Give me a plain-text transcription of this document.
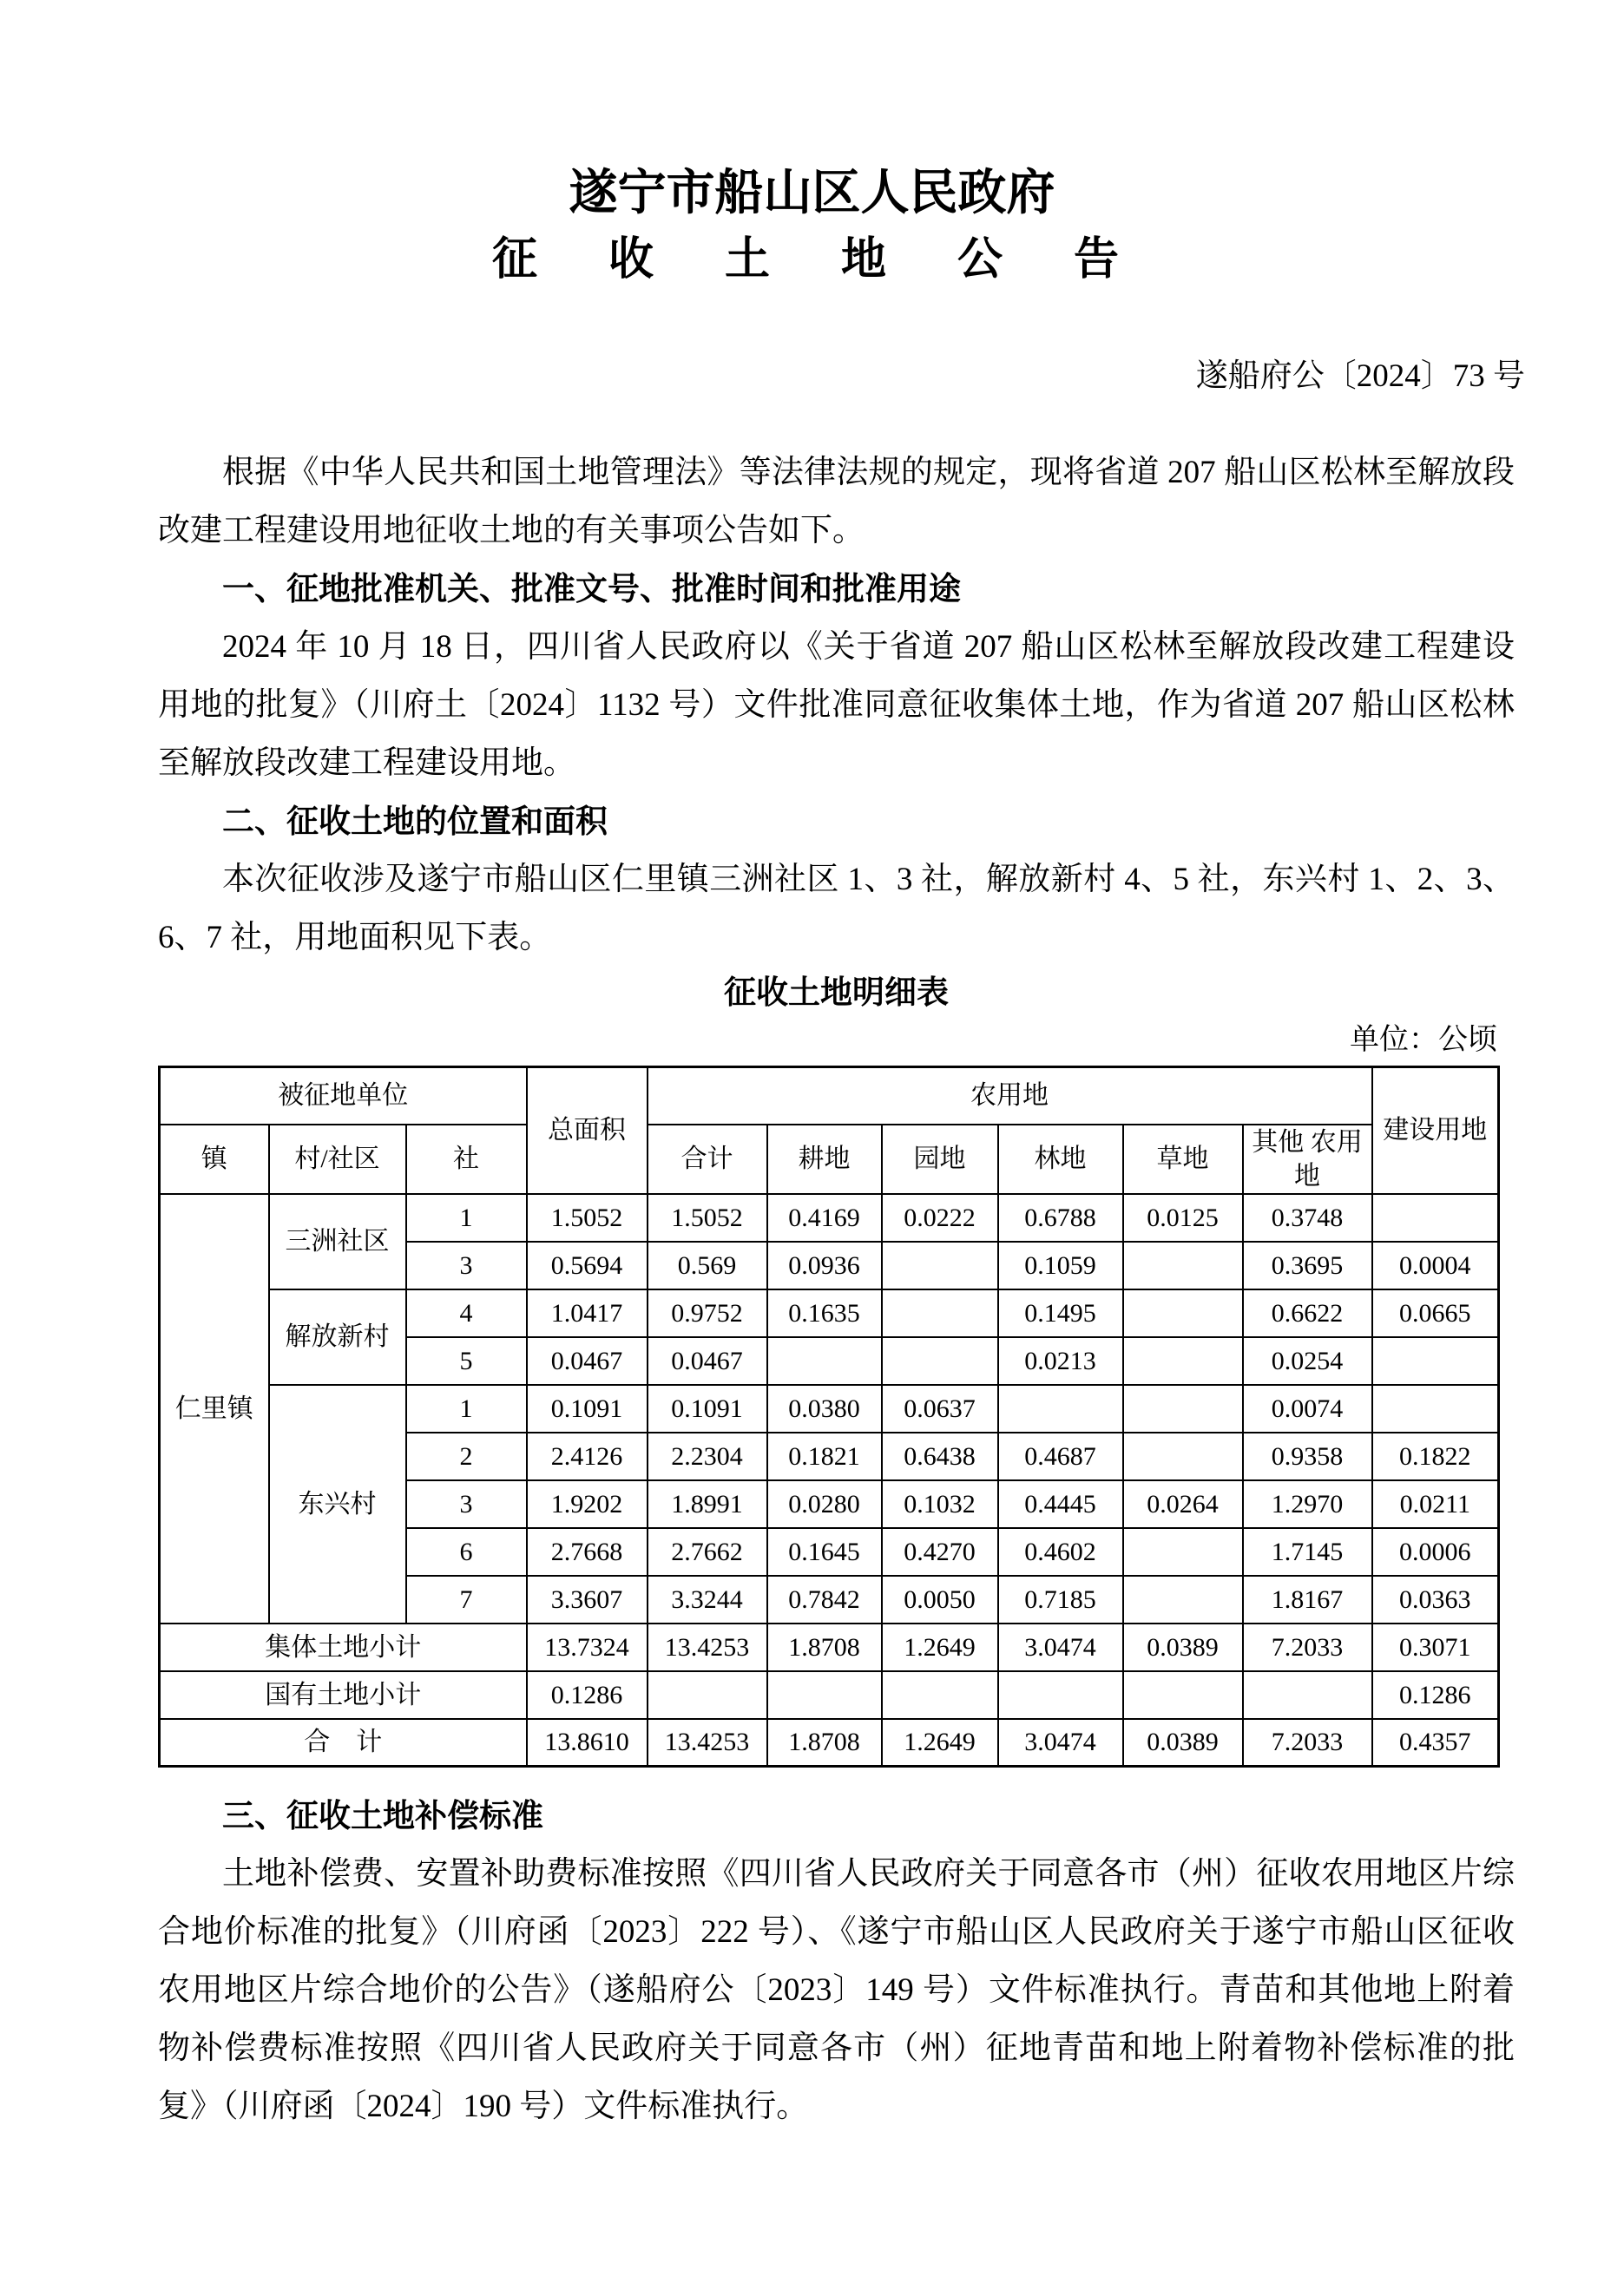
遂宁市船山区人民政府
征　收　土　地　公　告
遂船府公〔2024〕73 号

根据《中华人民共和国土地管理法》等法律法规的规定，现将省道 207 船山区松林至解放段改建工程建设用地征收土地的有关事项公告如下。

一、征地批准机关、批准文号、批准时间和批准用途

2024 年 10 月 18 日，四川省人民政府以《关于省道 207 船山区松林至解放段改建工程建设用地的批复》（川府土〔2024〕1132 号）文件批准同意征收集体土地，作为省道 207 船山区松林至解放段改建工程建设用地。

二、征收土地的位置和面积

本次征收涉及遂宁市船山区仁里镇三洲社区 1、3 社，解放新村 4、5 社，东兴村 1、2、3、6、7 社，用地面积见下表。

征收土地明细表
单位：公顷
被征地单位			总面积	农用地						建设用地
镇	村/社区	社		合计	耕地	园地	林地	草地	其他 农用地	
仁里镇	三洲社区	1	1.5052	1.5052	0.4169	0.0222	0.6788	0.0125	0.3748	
		3	0.5694	0.569	0.0936		0.1059		0.3695	0.0004
	解放新村	4	1.0417	0.9752	0.1635		0.1495		0.6622	0.0665
		5	0.0467	0.0467			0.0213		0.0254	
	东兴村	1	0.1091	0.1091	0.0380	0.0637			0.0074	
		2	2.4126	2.2304	0.1821	0.6438	0.4687		0.9358	0.1822
		3	1.9202	1.8991	0.0280	0.1032	0.4445	0.0264	1.2970	0.0211
		6	2.7668	2.7662	0.1645	0.4270	0.4602		1.7145	0.0006
		7	3.3607	3.3244	0.7842	0.0050	0.7185		1.8167	0.0363
集体土地小计			13.7324	13.4253	1.8708	1.2649	3.0474	0.0389	7.2033	0.3071
国有土地小计			0.1286							0.1286
合　计			13.8610	13.4253	1.8708	1.2649	3.0474	0.0389	7.2033	0.4357

三、征收土地补偿标准

土地补偿费、安置补助费标准按照《四川省人民政府关于同意各市（州）征收农用地区片综合地价标准的批复》（川府函〔2023〕222 号）、《遂宁市船山区人民政府关于遂宁市船山区征收农用地区片综合地价的公告》（遂船府公〔2023〕149 号）文件标准执行。青苗和其他地上附着物补偿费标准按照《四川省人民政府关于同意各市（州）征地青苗和地上附着物补偿标准的批复》（川府函〔2024〕190 号）文件标准执行。
